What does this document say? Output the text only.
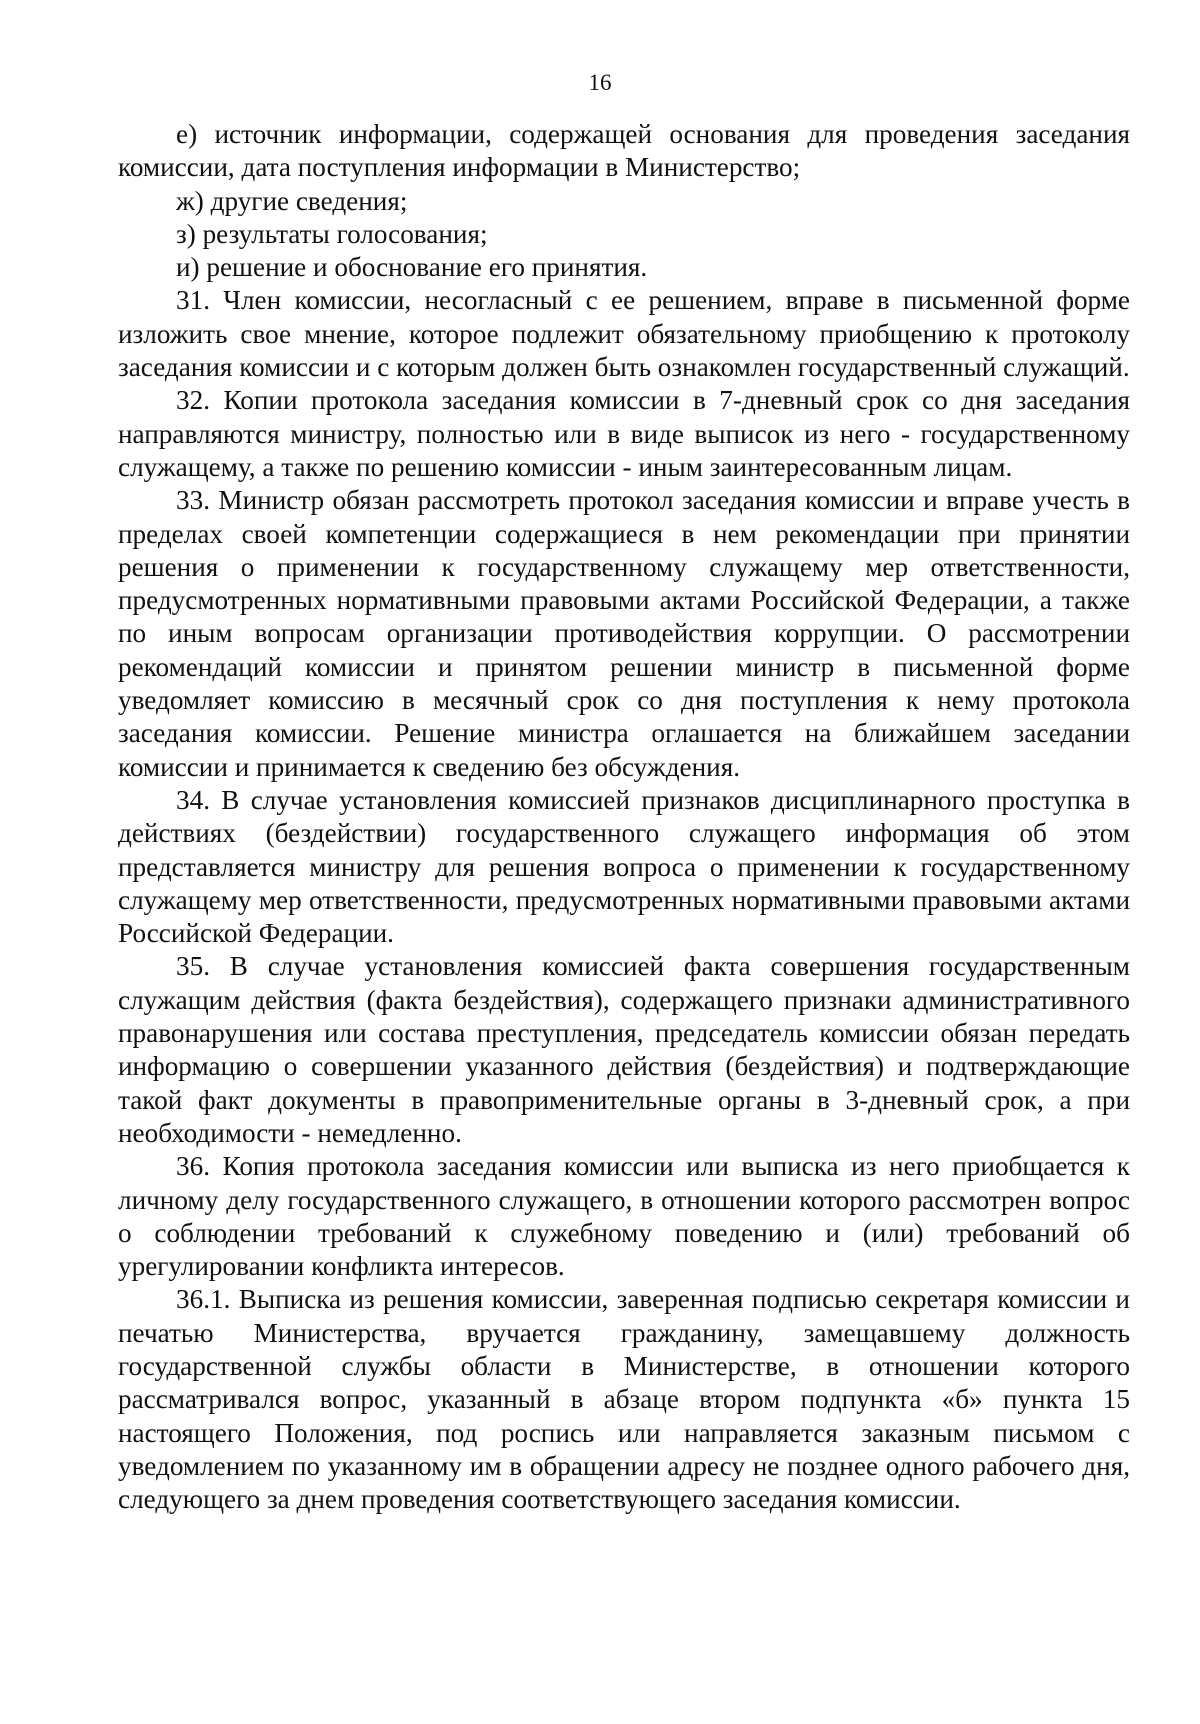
16

е) источник информации, содержащей основания для проведения заседания комиссии, дата поступления информации в Министерство;

ж) другие сведения;

з) результаты голосования;

и) решение и обоснование его принятия.

31. Член комиссии, несогласный с ее решением, вправе в письменной форме изложить свое мнение, которое подлежит обязательному приобщению к протоколу заседания комиссии и с которым должен быть ознакомлен государственный служащий.

32. Копии протокола заседания комиссии в 7-дневный срок со дня заседания направляются министру, полностью или в виде выписок из него - государственному служащему, а также по решению комиссии - иным заинтересованным лицам.

33. Министр обязан рассмотреть протокол заседания комиссии и вправе учесть в пределах своей компетенции содержащиеся в нем рекомендации при принятии решения о применении к государственному служащему мер ответственности, предусмотренных нормативными правовыми актами Российской Федерации, а также по иным вопросам организации противодействия коррупции. О рассмотрении рекомендаций комиссии и принятом решении министр в письменной форме уведомляет комиссию в месячный срок со дня поступления к нему протокола заседания комиссии. Решение министра оглашается на ближайшем заседании комиссии и принимается к сведению без обсуждения.

34. В случае установления комиссией признаков дисциплинарного проступка в действиях (бездействии) государственного служащего информация об этом представляется министру для решения вопроса о применении к государственному служащему мер ответственности, предусмотренных нормативными правовыми актами Российской Федерации.

35. В случае установления комиссией факта совершения государственным служащим действия (факта бездействия), содержащего признаки административного правонарушения или состава преступления, председатель комиссии обязан передать информацию о совершении указанного действия (бездействия) и подтверждающие такой факт документы в правоприменительные органы в 3-дневный срок, а при необходимости - немедленно.

36. Копия протокола заседания комиссии или выписка из него приобщается к личному делу государственного служащего, в отношении которого рассмотрен вопрос о соблюдении требований к служебному поведению и (или) требований об урегулировании конфликта интересов.

36.1. Выписка из решения комиссии, заверенная подписью секретаря комиссии и печатью Министерства, вручается гражданину, замещавшему должность государственной службы области в Министерстве, в отношении которого рассматривался вопрос, указанный в абзаце втором подпункта «б» пункта 15 настоящего Положения, под роспись или направляется заказным письмом с уведомлением по указанному им в обращении адресу не позднее одного рабочего дня, следующего за днем проведения соответствующего заседания комиссии.
